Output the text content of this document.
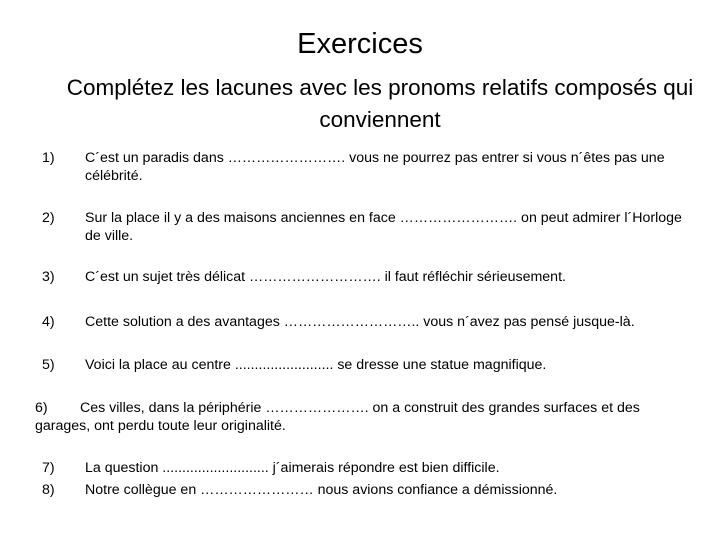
Exercices
Complétez les lacunes avec les pronoms relatifs composés qui conviennent
1) C´est un paradis dans ……………………. vous ne pourrez pas entrer si vous n´êtes pas une célébrité.
2) Sur la place il y a des maisons anciennes en face ……………………. on peut admirer l´Horloge de ville.
3) C´est un sujet très délicat ………………………. il faut réfléchir sérieusement.
4) Cette solution a des avantages ……………………….. vous n´avez pas pensé jusque-là.
5) Voici la place au centre ......................... se dresse une statue magnifique.
6) Ces villes, dans la périphérie …………………. on a construit des grandes surfaces et des garages, ont perdu toute leur originalité.
7) La question ........................... j´aimerais répondre est bien difficile.
8) Notre collègue en …………………… nous avions confiance a démissionné.
